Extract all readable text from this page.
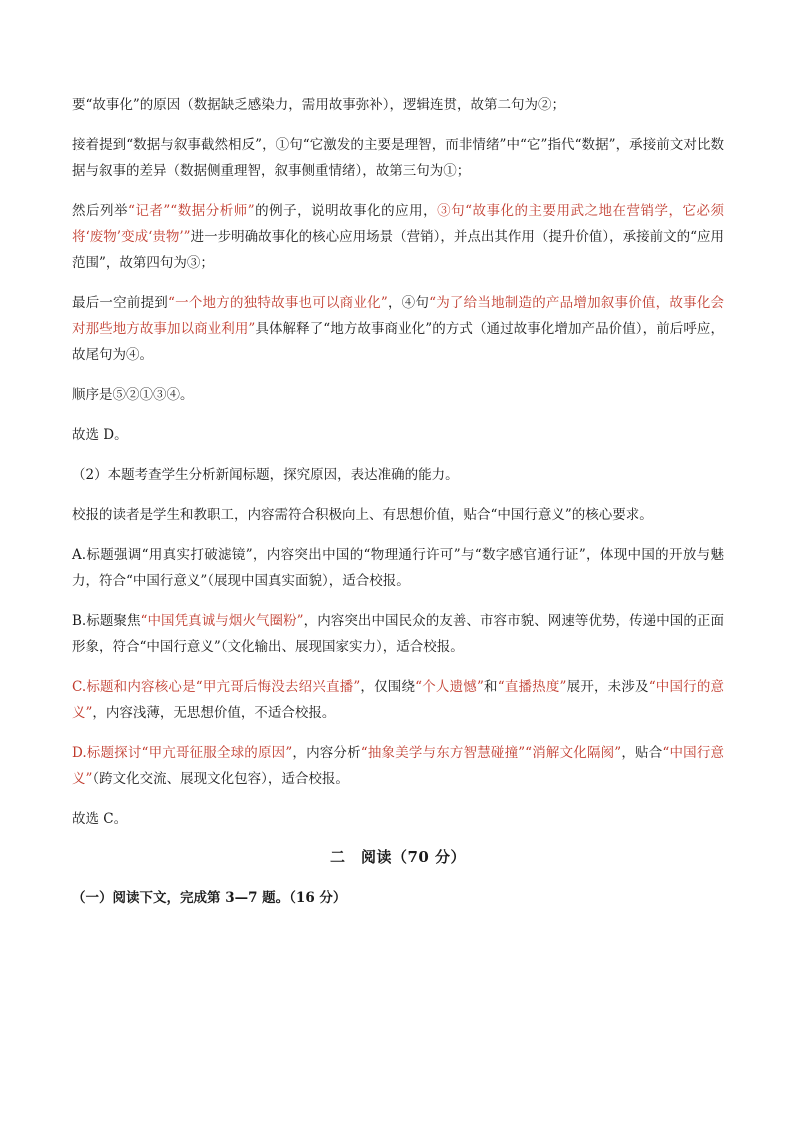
要“故事化”的原因（数据缺乏感染力，需用故事弥补），逻辑连贯，故第二句为②；

接着提到“数据与叙事截然相反”，①句“它激发的主要是理智，而非情绪”中“它”指代“数据”，承接前文对比数据与叙事的差异（数据侧重理智，叙事侧重情绪），故第三句为①；

然后列举“记者”“数据分析师”的例子，说明故事化的应用，③句“故事化的主要用武之地在营销学，它必须将‘废物’变成‘贵物’”进一步明确故事化的核心应用场景（营销），并点出其作用（提升价值），承接前文的“应用范围”，故第四句为③；

最后一空前提到“一个地方的独特故事也可以商业化”，④句“为了给当地制造的产品增加叙事价值，故事化会对那些地方故事加以商业利用”具体解释了“地方故事商业化”的方式（通过故事化增加产品价值），前后呼应，故尾句为④。

顺序是⑤②①③④。

故选 D。

（2）本题考查学生分析新闻标题，探究原因，表达准确的能力。

校报的读者是学生和教职工，内容需符合积极向上、有思想价值，贴合“中国行意义”的核心要求。

A.标题强调“用真实打破滤镜”，内容突出中国的“物理通行许可”与“数字感官通行证”，体现中国的开放与魅力，符合“中国行意义”（展现中国真实面貌），适合校报。

B.标题聚焦“中国凭真诚与烟火气圈粉”，内容突出中国民众的友善、市容市貌、网速等优势，传递中国的正面形象，符合“中国行意义”（文化输出、展现国家实力），适合校报。

C.标题和内容核心是“甲亢哥后悔没去绍兴直播”，仅围绕“个人遗憾”和“直播热度”展开，未涉及“中国行的意义”，内容浅薄，无思想价值，不适合校报。

D.标题探讨“甲亢哥征服全球的原因”，内容分析“抽象美学与东方智慧碰撞”“消解文化隔阂”，贴合“中国行意义”（跨文化交流、展现文化包容），适合校报。

故选 C。

二　阅读（70 分）

（一）阅读下文，完成第 3—7 题。（16 分）
